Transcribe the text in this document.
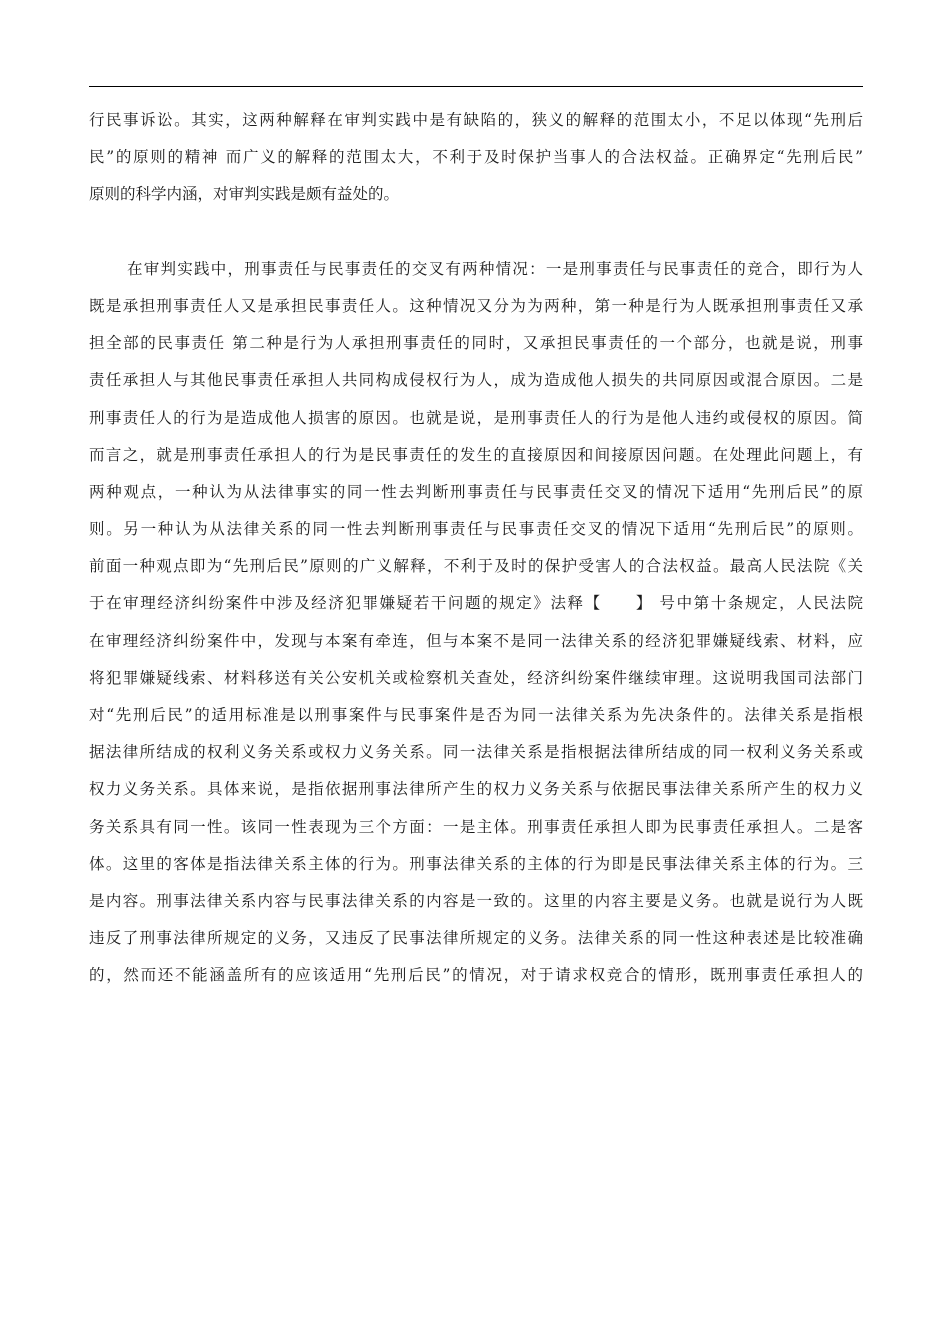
行民事诉讼。其实，这两种解释在审判实践中是有缺陷的，狭义的解释的范围太小，不足以体现“先刑后
民”的原则的精神 而广义的解释的范围太大，不利于及时保护当事人的合法权益。正确界定“先刑后民”
原则的科学内涵，对审判实践是颇有益处的。
在审判实践中，刑事责任与民事责任的交叉有两种情况：一是刑事责任与民事责任的竞合，即行为人
既是承担刑事责任人又是承担民事责任人。这种情况又分为为两种，第一种是行为人既承担刑事责任又承
担全部的民事责任 第二种是行为人承担刑事责任的同时，又承担民事责任的一个部分，也就是说，刑事
责任承担人与其他民事责任承担人共同构成侵权行为人，成为造成他人损失的共同原因或混合原因。二是
刑事责任人的行为是造成他人损害的原因。也就是说，是刑事责任人的行为是他人违约或侵权的原因。简
而言之，就是刑事责任承担人的行为是民事责任的发生的直接原因和间接原因问题。在处理此问题上，有
两种观点，一种认为从法律事实的同一性去判断刑事责任与民事责任交叉的情况下适用“先刑后民”的原
则。另一种认为从法律关系的同一性去判断刑事责任与民事责任交叉的情况下适用“先刑后民”的原则。
前面一种观点即为“先刑后民”原则的广义解释，不利于及时的保护受害人的合法权益。最高人民法院《关
于在审理经济纠纷案件中涉及经济犯罪嫌疑若干问题的规定》法释【　　】 号中第十条规定，人民法院
在审理经济纠纷案件中，发现与本案有牵连，但与本案不是同一法律关系的经济犯罪嫌疑线索、材料，应
将犯罪嫌疑线索、材料移送有关公安机关或检察机关查处，经济纠纷案件继续审理。这说明我国司法部门
对“先刑后民”的适用标准是以刑事案件与民事案件是否为同一法律关系为先决条件的。法律关系是指根
据法律所结成的权利义务关系或权力义务关系。同一法律关系是指根据法律所结成的同一权利义务关系或
权力义务关系。具体来说，是指依据刑事法律所产生的权力义务关系与依据民事法律关系所产生的权力义
务关系具有同一性。该同一性表现为三个方面：一是主体。刑事责任承担人即为民事责任承担人。二是客
体。这里的客体是指法律关系主体的行为。刑事法律关系的主体的行为即是民事法律关系主体的行为。三
是内容。刑事法律关系内容与民事法律关系的内容是一致的。这里的内容主要是义务。也就是说行为人既
违反了刑事法律所规定的义务，又违反了民事法律所规定的义务。法律关系的同一性这种表述是比较准确
的，然而还不能涵盖所有的应该适用“先刑后民”的情况，对于请求权竞合的情形，既刑事责任承担人的
